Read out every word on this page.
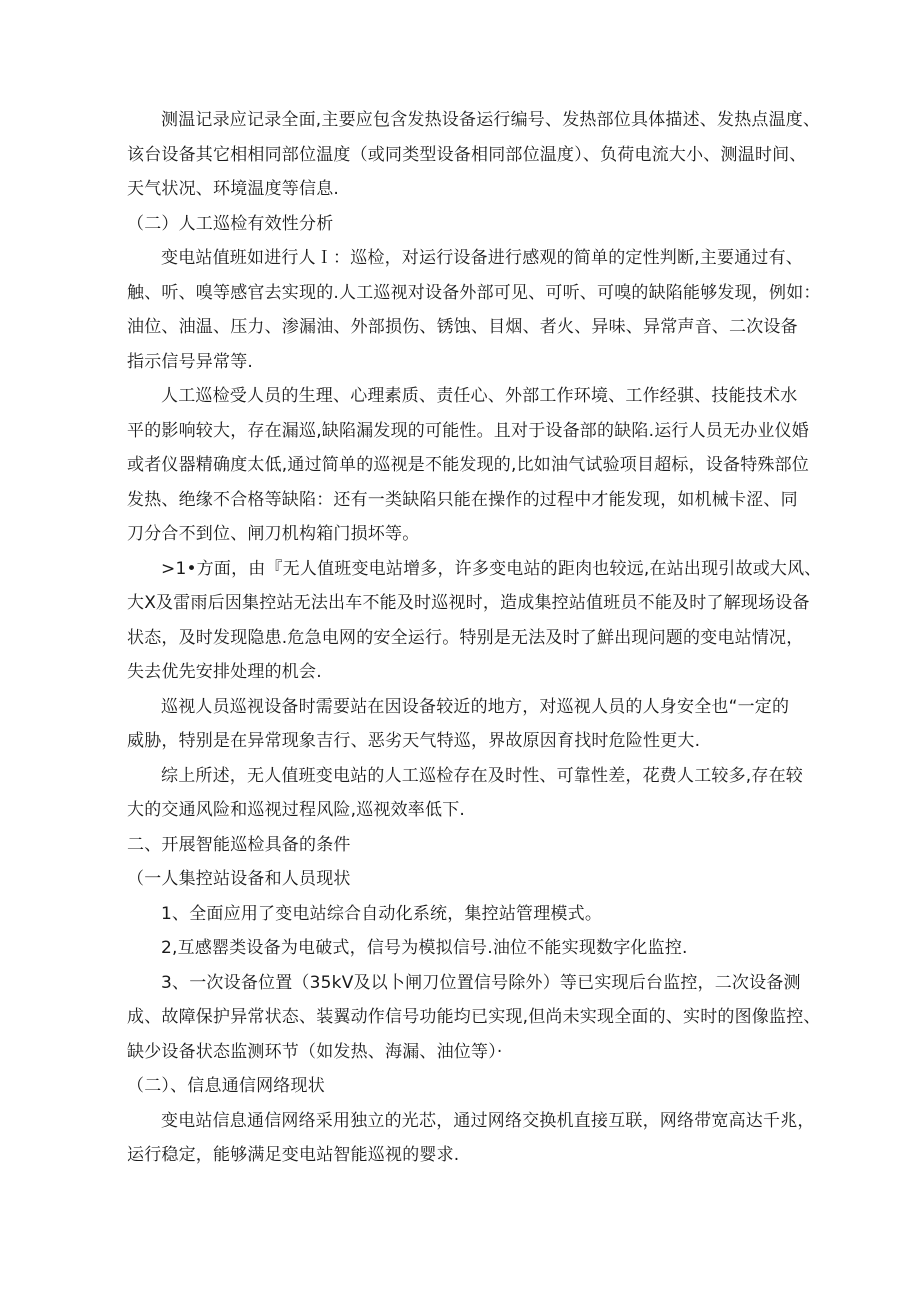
测温记录应记录全面,主要应包含发热设备运行编号、发热部位具体描述、发热点温度、
该台设备其它相相同部位温度（或同类型设备相同部位温度）、负荷电流大小、测温时间、
天气状况、环境温度等信息.
（二）人工巡检有效性分析
变电站值班如进行人Ｉ：巡检，对运行设备进行感观的简单的定性判断,主要通过有、
触、听、嗅等感官去实现的.人工巡视对设备外部可见、可听、可嗅的缺陷能够发现，例如：
油位、油温、压力、渗漏油、外部损伤、锈蚀、目烟、者火、异味、异常声音、二次设备
指示信号异常等.
人工巡检受人员的生理、心理素质、责任心、外部工作环境、工作经骐、技能技术水
平的影响较大，存在漏巡,缺陷漏发现的可能性。且对于设备部的缺陷.运行人员无办业仪婚
或者仪器精确度太低,通过简单的巡视是不能发现的,比如油气试验项目超标，设备特殊部位
发热、绝缘不合格等缺陷：还有一类缺陷只能在操作的过程中才能发现，如机械卡涩、同
刀分合不到位、闸刀机构箱门损坏等。
>1•方面，由『无人值班变电站增多，许多变电站的距肉也较远,在站出现引故或大风、
大X及雷雨后因集控站无法出车不能及时巡视时，造成集控站值班员不能及时了解现场设备
状态，及时发现隐患.危急电网的安全运行。特别是无法及时了鮮出现问题的变电站情况，
失去优先安排处理的机会.
巡视人员巡视设备时需要站在因设备较近的地方，对巡视人员的人身安全也“一定的
威胁，特别是在异常现象吉行、恶劣天气特巡，界故原因育找时危险性更大.
综上所述，无人值班变电站的人工巡检存在及时性、可靠性差，花费人工较多,存在较
大的交通风险和巡视过程风险,巡视效率低下.
二、开展智能巡检具备的条件
（一人集控站设备和人员现状
1、全面应用了变电站综合自动化系统，集控站管理模式。
2,互感罂类设备为电破式，信号为模拟信号.油位不能实现数字化监控.
3、一次设备位置（35kV及以卜闸刀位置信号除外）等已实现后台监控，二次设备测
成、故障保护异常状态、装翼动作信号功能均已实现,但尚未实现全面的、实时的图像监控、
缺少设备状态监测环节（如发热、海漏、油位等）·
（二）、信息通信网络现状
变电站信息通信网络采用独立的光芯，通过网络交换机直接互联，网络带宽高达千兆，
运行稳定，能够满足变电站智能巡视的婴求.
